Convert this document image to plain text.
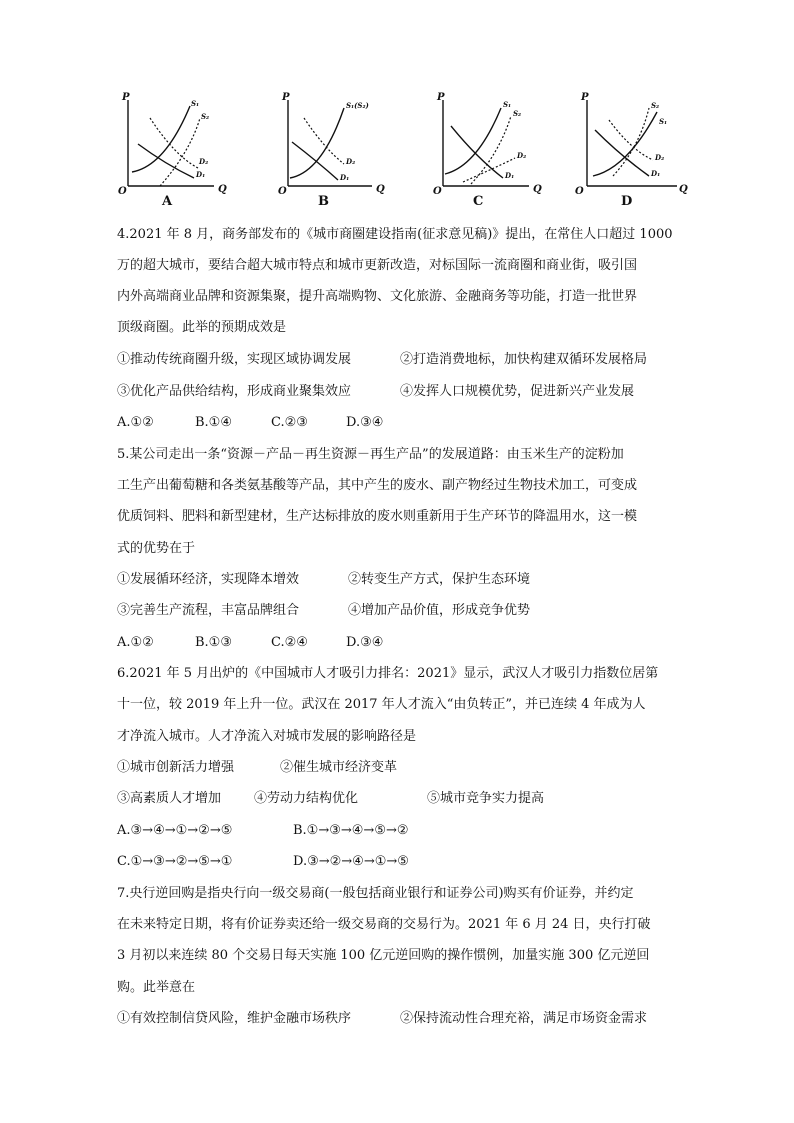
P
O	Q
S₁
S₂
D₂
D₁
A
P
O	Q
S₁(S₂)
D₂
D₁
B
P
O	Q
S₁
S₂
D₂
D₁
C
P
O	Q
S₂
S₁
D₂
D₁
D
4.2021 年 8 月，商务部发布的《城市商圈建设指南(征求意见稿)》提出，在常住人口超过 1000
万的超大城市，要结合超大城市特点和城市更新改造，对标国际一流商圈和商业街，吸引国
内外高端商业品牌和资源集聚，提升高端购物、文化旅游、金融商务等功能，打造一批世界
顶级商圈。此举的预期成效是
①推动传统商圈升级，实现区域协调发展	②打造消费地标，加快构建双循环发展格局
③优化产品供给结构，形成商业聚集效应	④发挥人口规模优势，促进新兴产业发展
A.①②	B.①④	C.②③	D.③④
5.某公司走出一条“资源－产品－再生资源－再生产品”的发展道路：由玉米生产的淀粉加
工生产出葡萄糖和各类氨基酸等产品，其中产生的废水、副产物经过生物技术加工，可变成
优质饲料、肥料和新型建材，生产达标排放的废水则重新用于生产环节的降温用水，这一模
式的优势在于
①发展循环经济，实现降本增效	②转变生产方式，保护生态环境
③完善生产流程，丰富品牌组合	④增加产品价值，形成竞争优势
A.①②	B.①③	C.②④	D.③④
6.2021 年 5 月出炉的《中国城市人才吸引力排名：2021》显示，武汉人才吸引力指数位居第
十一位，较 2019 年上升一位。武汉在 2017 年人才流入“由负转正”，并已连续 4 年成为人
才净流入城市。人才净流入对城市发展的影响路径是
①城市创新活力增强	②催生城市经济变革
③高素质人才增加	④劳动力结构优化	⑤城市竞争实力提高
A.③→④→①→②→⑤	B.①→③→④→⑤→②
C.①→③→②→⑤→①	D.③→②→④→①→⑤
7.央行逆回购是指央行向一级交易商(一般包括商业银行和证券公司)购买有价证券，并约定
在未来特定日期，将有价证券卖还给一级交易商的交易行为。2021 年 6 月 24 日，央行打破
3 月初以来连续 80 个交易日每天实施 100 亿元逆回购的操作惯例，加量实施 300 亿元逆回
购。此举意在
①有效控制信贷风险，维护金融市场秩序	②保持流动性合理充裕，满足市场资金需求
